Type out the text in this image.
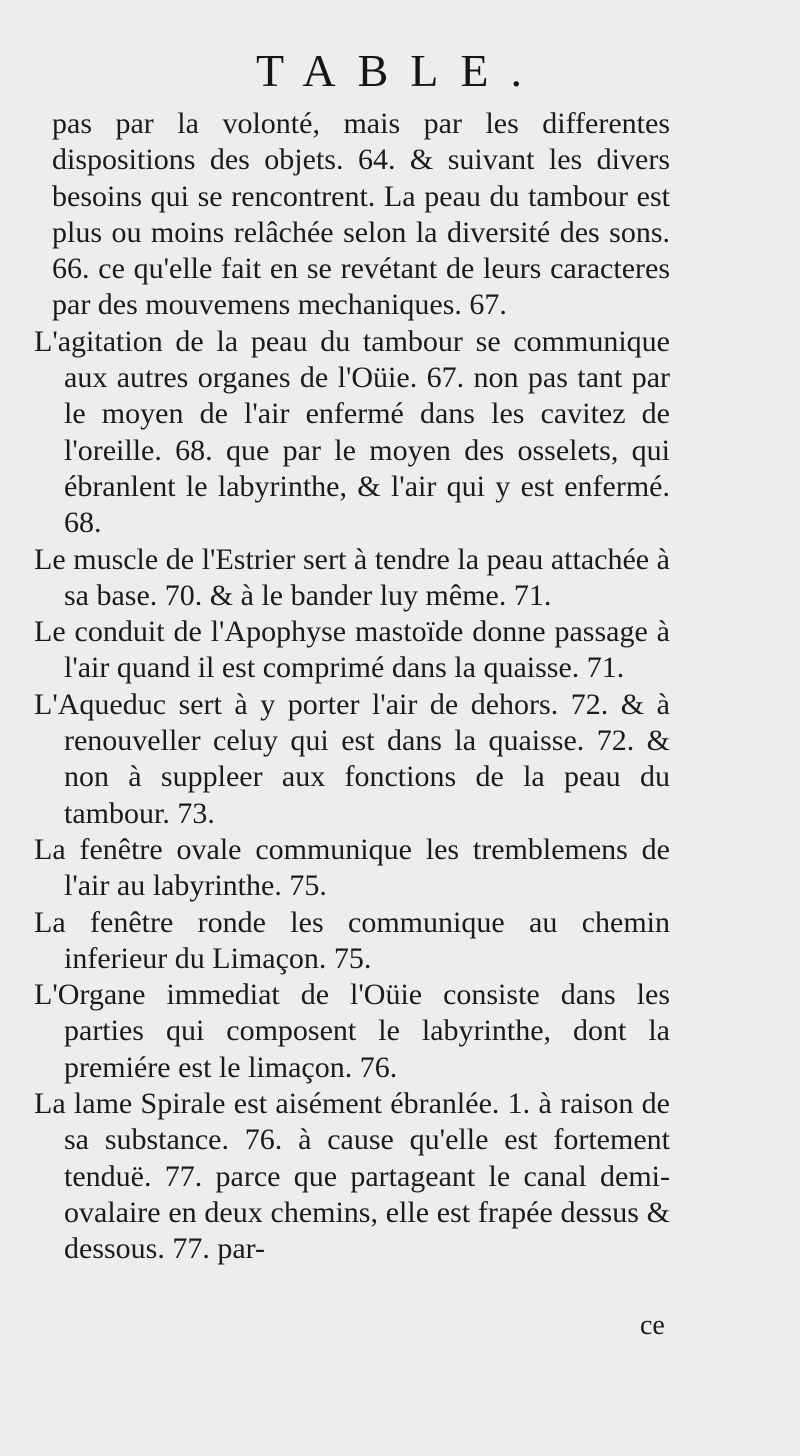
TABLE.

pas par la volonté, mais par les differentes dispositions des objets. 64. & suivant les divers besoins qui se rencontrent. La peau du tambour est plus ou moins relâchée selon la diversité des sons. 66. ce qu'elle fait en se revétant de leurs caracteres par des mouvemens mechaniques. 67.

L'agitation de la peau du tambour se communique aux autres organes de l'Oüie. 67. non pas tant par le moyen de l'air enfermé dans les cavitez de l'oreille. 68. que par le moyen des osselets, qui ébranlent le labyrinthe, & l'air qui y est enfermé. 68.

Le muscle de l'Estrier sert à tendre la peau attachée à sa base. 70. & à le bander luy même. 71.

Le conduit de l'Apophyse mastoïde donne passage à l'air quand il est comprimé dans la quaisse. 71.

L'Aqueduc sert à y porter l'air de dehors. 72. & à renouveller celuy qui est dans la quaisse. 72. & non à suppleer aux fonctions de la peau du tambour. 73.

La fenêtre ovale communique les tremblemens de l'air au labyrinthe. 75.

La fenêtre ronde les communique au chemin inferieur du Limaçon. 75.

L'Organe immediat de l'Oüie consiste dans les parties qui composent le labyrinthe, dont la premiére est le limaçon. 76.

La lame Spirale est aisément ébranlée. 1. à raison de sa substance. 76. à cause qu'elle est fortement tenduë. 77. parce que partageant le canal demi-ovalaire en deux chemins, elle est frapée dessus & dessous. 77. par-

ce
